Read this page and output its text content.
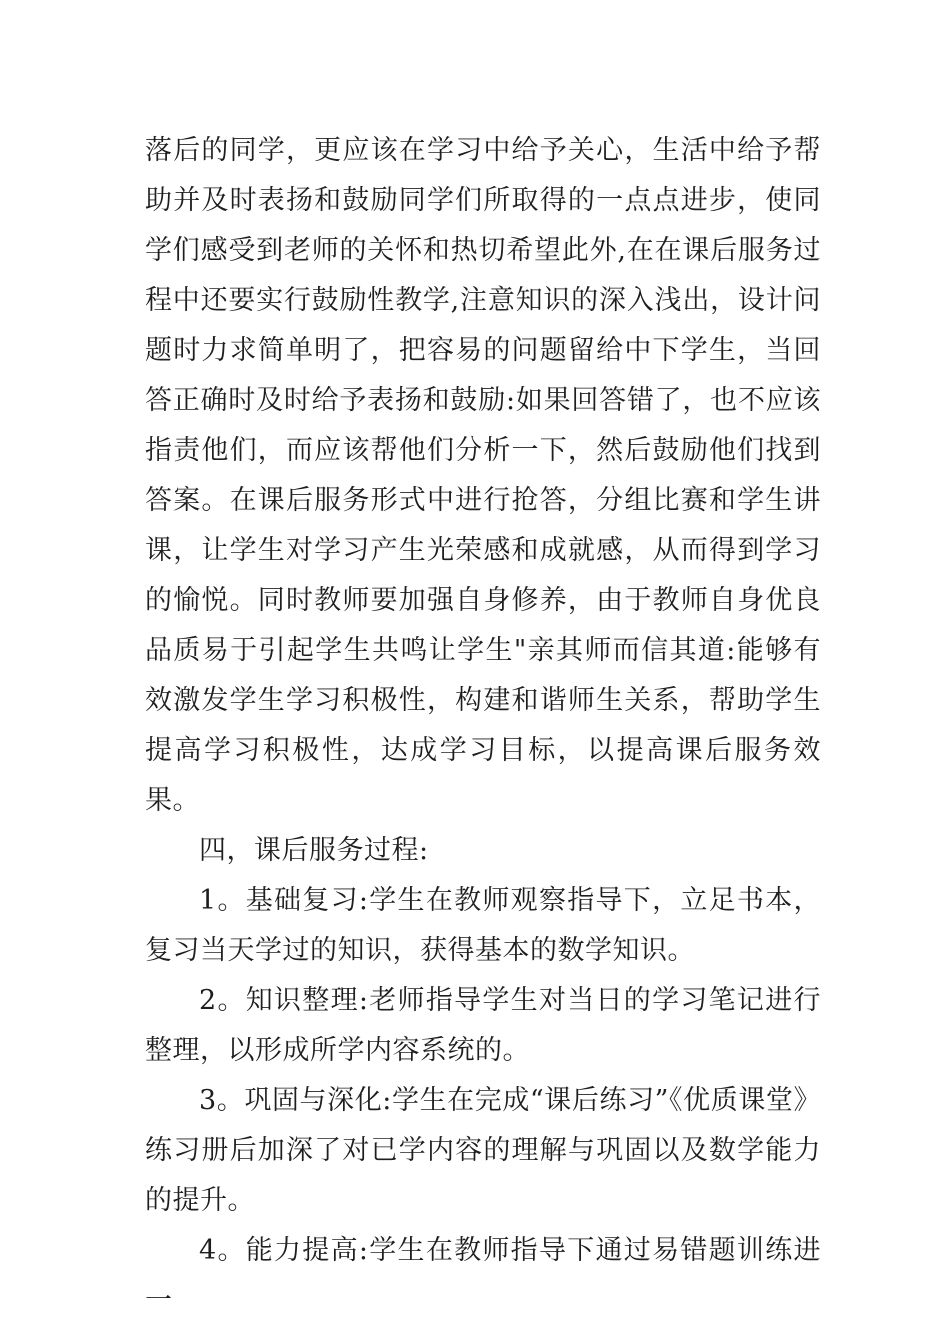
落后的同学，更应该在学习中给予关心，生活中给予帮助并及时表扬和鼓励同学们所取得的一点点进步，使同学们感受到老师的关怀和热切希望此外,在在课后服务过程中还要实行鼓励性教学,注意知识的深入浅出，设计问题时力求简单明了，把容易的问题留给中下学生，当回答正确时及时给予表扬和鼓励:如果回答错了，也不应该指责他们，而应该帮他们分析一下，然后鼓励他们找到答案。在课后服务形式中进行抢答，分组比赛和学生讲课，让学生对学习产生光荣感和成就感，从而得到学习的愉悦。同时教师要加强自身修养，由于教师自身优良品质易于引起学生共鸣让学生"亲其师而信其道:能够有效激发学生学习积极性，构建和谐师生关系，帮助学生提高学习积极性，达成学习目标，以提高课后服务效果。

四，课后服务过程:

1。基础复习:学生在教师观察指导下，立足书本，复习当天学过的知识，获得基本的数学知识。

2。知识整理:老师指导学生对当日的学习笔记进行整理，以形成所学内容系统的。

3。巩固与深化:学生在完成“课后练习”《优质课堂》练习册后加深了对已学内容的理解与巩固以及数学能力的提升。

4。能力提高:学生在教师指导下通过易错题训练进一
